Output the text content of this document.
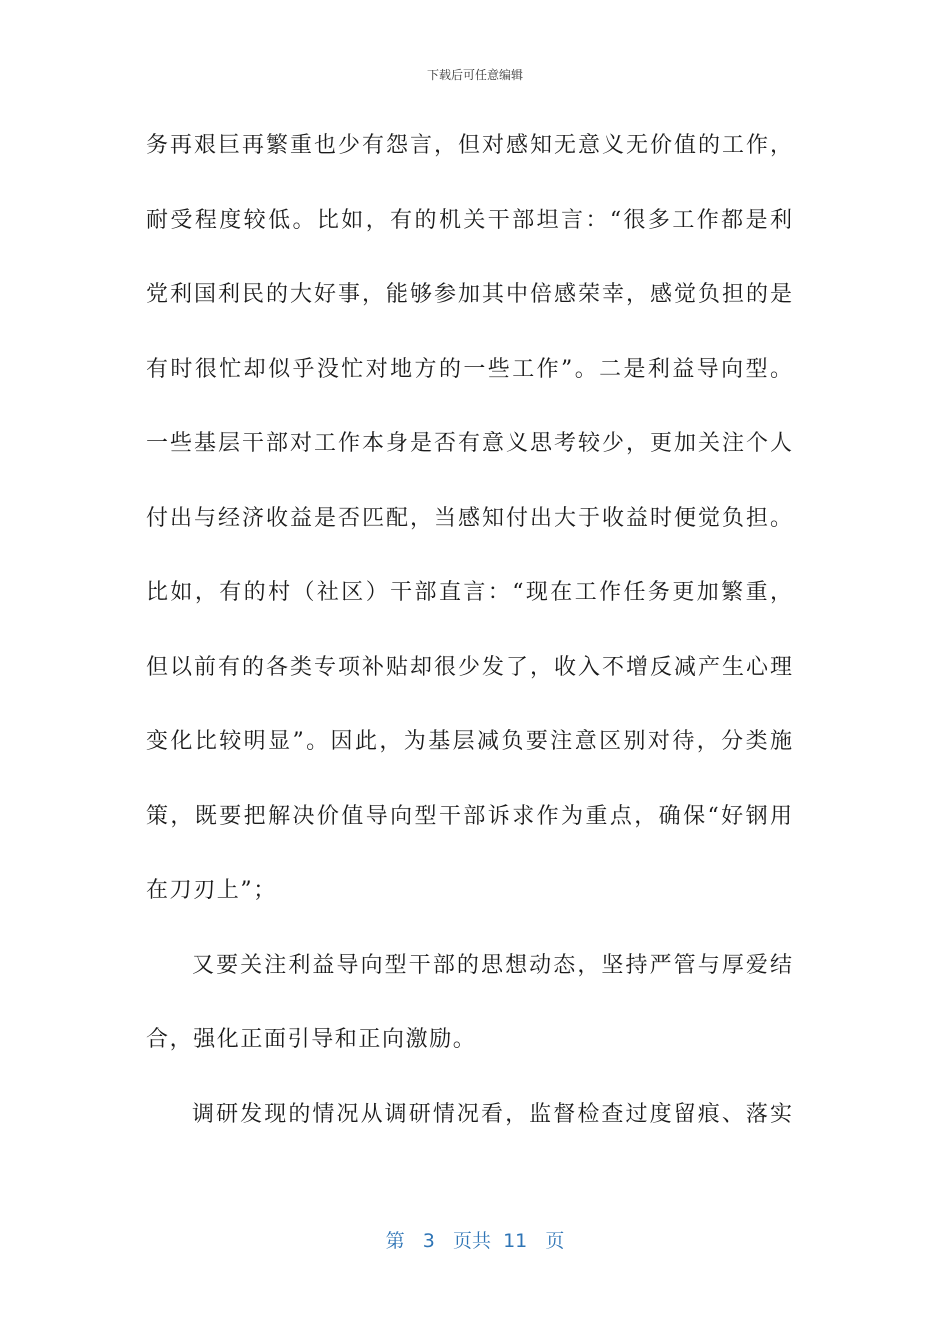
下载后可任意编辑
务再艰巨再繁重也少有怨言，但对感知无意义无价值的工作，
耐受程度较低。比如，有的机关干部坦言：“很多工作都是利
党利国利民的大好事，能够参加其中倍感荣幸，感觉负担的是
有时很忙却似乎没忙对地方的一些工作”。二是利益导向型。
一些基层干部对工作本身是否有意义思考较少，更加关注个人
付出与经济收益是否匹配，当感知付出大于收益时便觉负担。
比如，有的村（社区）干部直言：“现在工作任务更加繁重，
但以前有的各类专项补贴却很少发了，收入不增反减产生心理
变化比较明显”。因此，为基层减负要注意区别对待，分类施
策，既要把解决价值导向型干部诉求作为重点，确保“好钢用
在刀刃上”；
又要关注利益导向型干部的思想动态，坚持严管与厚爱结
合，强化正面引导和正向激励。
调研发现的情况从调研情况看，监督检查过度留痕、落实
第 3 页共 11 页
